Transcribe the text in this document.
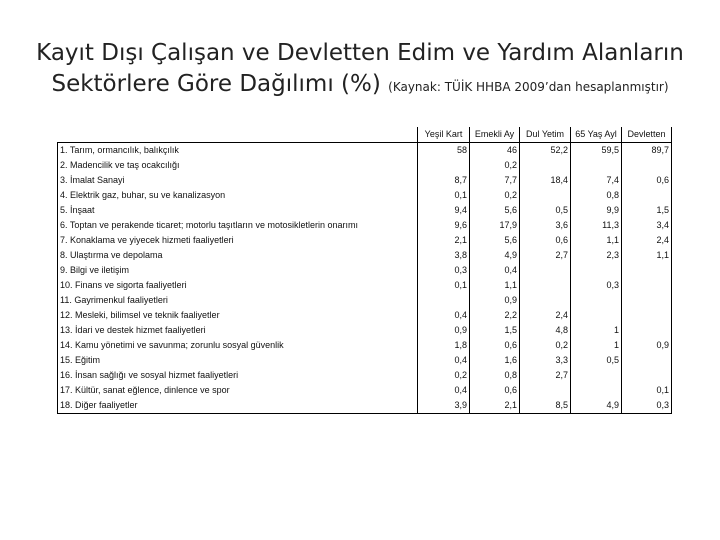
Kayıt Dışı Çalışan ve Devletten Edim ve Yardım Alanların
Sektörlere Göre Dağılımı (%) (Kaynak: TÜİK HHBA 2009’dan hesaplanmıştır)
	Yeşil Kart	Emekli Ay	Dul Yetim	65 Yaş Ayl	Devletten
1. Tarım, ormancılık, balıkçılık	58	46	52,2	59,5	89,7
2. Madencilik ve taş ocakcılığı		0,2			
3. İmalat Sanayi	8,7	7,7	18,4	7,4	0,6
4. Elektrik gaz, buhar, su ve kanalizasyon	0,1	0,2		0,8	
5. İnşaat	9,4	5,6	0,5	9,9	1,5
6. Toptan ve perakende ticaret; motorlu taşıtların ve motosikletlerin onarımı	9,6	17,9	3,6	11,3	3,4
7. Konaklama ve yiyecek hizmeti faaliyetleri	2,1	5,6	0,6	1,1	2,4
8. Ulaştırma ve depolama	3,8	4,9	2,7	2,3	1,1
9. Bilgi ve iletişim	0,3	0,4			
10. Finans ve sigorta faaliyetleri	0,1	1,1		0,3	
11. Gayrimenkul faaliyetleri		0,9			
12. Mesleki, bilimsel ve teknik faaliyetler	0,4	2,2	2,4		
13. İdari ve destek hizmet faaliyetleri	0,9	1,5	4,8	1	
14. Kamu yönetimi ve savunma; zorunlu sosyal güvenlik	1,8	0,6	0,2	1	0,9
15. Eğitim	0,4	1,6	3,3	0,5	
16. İnsan sağlığı ve sosyal hizmet faaliyetleri	0,2	0,8	2,7		
17. Kültür, sanat eğlence, dinlence ve spor	0,4	0,6			0,1
18. Diğer faaliyetler	3,9	2,1	8,5	4,9	0,3
